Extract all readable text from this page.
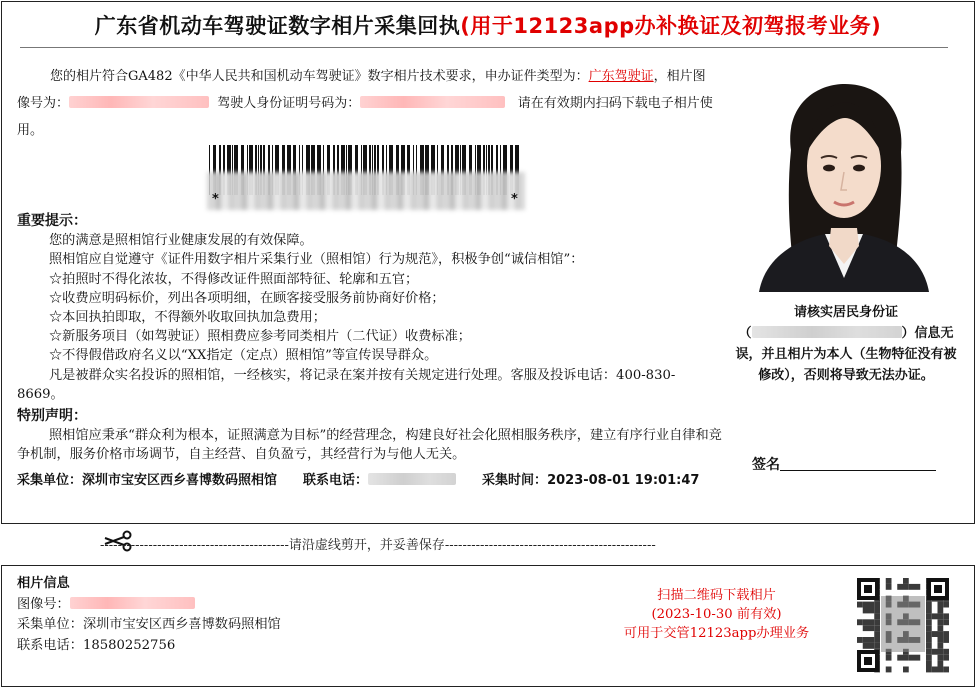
广东省机动车驾驶证数字相片采集回执(用于12123app办补换证及初驾报考业务)
您的相片符合GA482《中华人民共和国机动车驾驶证》数字相片技术要求，申办证件类型为：广东驾驶证，相片图像号为：	驾驶人身份证明号码为：	请在有效期内扫码下载电子相片使用。
*	*
重要提示：
您的满意是照相馆行业健康发展的有效保障。
照相馆应自觉遵守《证件用数字相片采集行业（照相馆）行为规范》，积极争创“诚信相馆”：
☆拍照时不得化浓妆，不得修改证件照面部特征、轮廓和五官；
☆收费应明码标价，列出各项明细，在顾客接受服务前协商好价格；
☆本回执拍即取，不得额外收取回执加急费用；
☆新服务项目（如驾驶证）照相费应参考同类相片（二代证）收费标准；
☆不得假借政府名义以“XX指定（定点）照相馆”等宣传误导群众。
凡是被群众实名投诉的照相馆，一经核实，将记录在案并按有关规定进行处理。客服及投诉电话：400-830-8669。
特别声明：
照相馆应秉承“群众利为根本，证照满意为目标”的经营理念，构建良好社会化照相服务秩序，建立有序行业自律和竞争机制，服务价格市场调节，自主经营、自负盈亏，其经营行为与他人无关。
采集单位：深圳市宝安区西乡喜博数码照相馆 联系电话：	采集时间：2023-08-01 19:01:47
请核实居民身份证
（	）信息无误，并且相片为本人（生物特征没有被修改），否则将导致无法办证。
签名
-------------------------------------------请沿虚线剪开，并妥善保存------------------------------------------------
相片信息
图像号：
采集单位：深圳市宝安区西乡喜博数码照相馆
联系电话：18580252756
扫描二维码下载相片
(2023-10-30 前有效)
可用于交管12123app办理业务
